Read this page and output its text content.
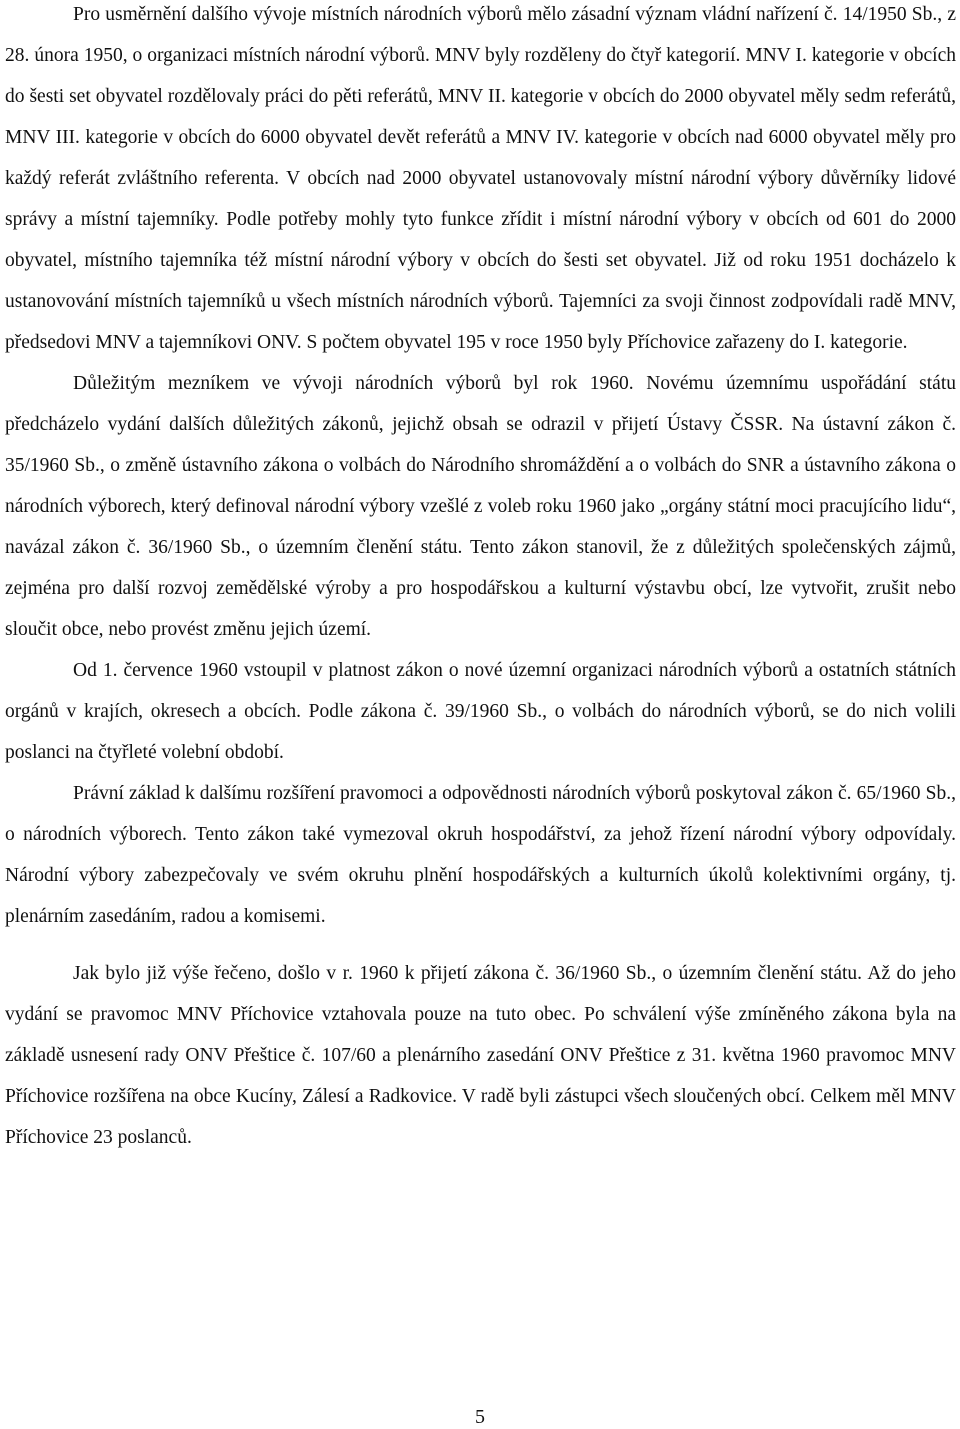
Pro usměrnění dalšího vývoje místních národních výborů mělo zásadní význam vládní nařízení č. 14/1950 Sb., z 28. února 1950, o organizaci místních národní výborů. MNV byly rozděleny do čtyř kategorií. MNV I. kategorie v obcích do šesti set obyvatel rozdělovaly práci do pěti referátů, MNV II. kategorie v obcích do 2000 obyvatel měly sedm referátů, MNV III. kategorie v obcích do 6000 obyvatel devět referátů a MNV IV. kategorie v obcích nad 6000 obyvatel měly pro každý referát zvláštního referenta. V obcích nad 2000 obyvatel ustanovovaly místní národní výbory důvěrníky lidové správy a místní tajemníky. Podle potřeby mohly tyto funkce zřídit i místní národní výbory v obcích od 601 do 2000 obyvatel, místního tajemníka též místní národní výbory v obcích do šesti set obyvatel. Již od roku 1951 docházelo k ustanovování místních tajemníků u všech místních národních výborů. Tajemníci za svoji činnost zodpovídali radě MNV, předsedovi MNV a tajemníkovi ONV. S počtem obyvatel 195 v roce 1950 byly Příchovice zařazeny do I. kategorie.

Důležitým mezníkem ve vývoji národních výborů byl rok 1960. Novému územnímu uspořádání státu předcházelo vydání dalších důležitých zákonů, jejichž obsah se odrazil v přijetí Ústavy ČSSR. Na ústavní zákon č. 35/1960 Sb., o změně ústavního zákona o volbách do Národního shromáždění a o volbách do SNR a ústavního zákona o národních výborech, který definoval národní výbory vzešlé z voleb roku 1960 jako „orgány státní moci pracujícího lidu“, navázal zákon č. 36/1960 Sb., o územním členění státu. Tento zákon stanovil, že z důležitých společenských zájmů, zejména pro další rozvoj zemědělské výroby a pro hospodářskou a kulturní výstavbu obcí, lze vytvořit, zrušit nebo sloučit obce, nebo provést změnu jejich území.

Od 1. července 1960 vstoupil v platnost zákon o nové územní organizaci národních výborů a ostatních státních orgánů v krajích, okresech a obcích. Podle zákona č. 39/1960 Sb., o volbách do národních výborů, se do nich volili poslanci na čtyřleté volební období.

Právní základ k dalšímu rozšíření pravomoci a odpovědnosti národních výborů poskytoval zákon č. 65/1960 Sb., o národních výborech. Tento zákon také vymezoval okruh hospodářství, za jehož řízení národní výbory odpovídaly. Národní výbory zabezpečovaly ve svém okruhu plnění hospodářských a kulturních úkolů kolektivními orgány, tj. plenárním zasedáním, radou a komisemi.

Jak bylo již výše řečeno, došlo v r. 1960 k přijetí zákona č. 36/1960 Sb., o územním členění státu. Až do jeho vydání se pravomoc MNV Příchovice vztahovala pouze na tuto obec. Po schválení výše zmíněného zákona byla na základě usnesení rady ONV Přeštice č. 107/60 a plenárního zasedání ONV Přeštice z 31. května 1960 pravomoc MNV Příchovice rozšířena na obce Kucíny, Zálesí a Radkovice. V radě byli zástupci všech sloučených obcí. Celkem měl MNV Příchovice 23 poslanců.

5
